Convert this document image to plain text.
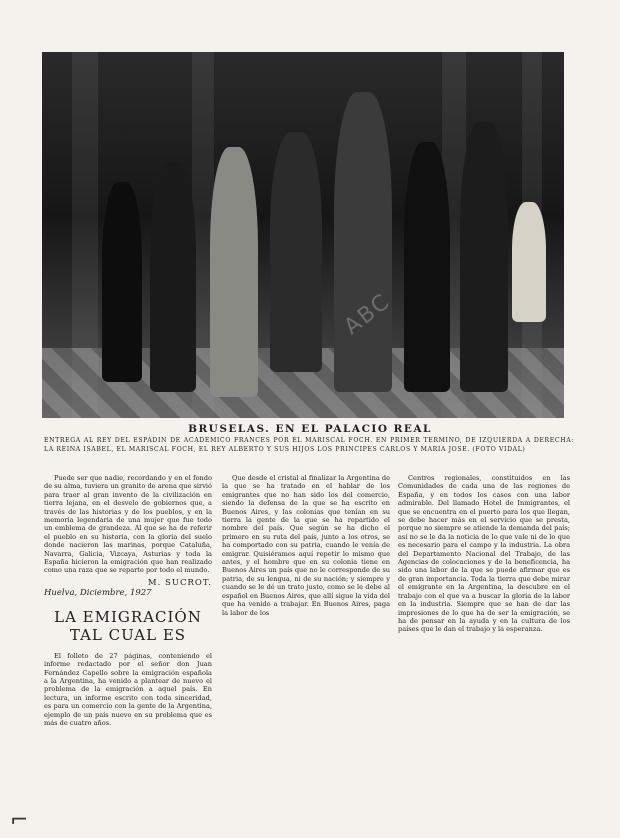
ABC
BRUSELAS. EN EL PALACIO REAL
ENTREGA AL REY DEL ESPADIN DE ACADEMICO FRANCES POR EL MARISCAL FOCH. EN PRIMER TERMINO, DE IZQUIERDA A DERECHA: LA REINA ISABEL, EL MARISCAL FOCH, EL REY ALBERTO Y SUS HIJOS LOS PRINCIPES CARLOS Y MARIA JOSE. (FOTO VIDAL)

Puede ser que nadie, recordando y en el fondo de su alma, tuviera un granito de arena que sirvió para traer al gran invento de la civilización en tierra lejana, en el desvelo de gobiernos que, a través de las historias y de los pueblos, y en la memoria legendaria de una mujer que fue todo un emblema de grandeza. Al que se ha de referir el pueblo en su historia, con la gloria del suelo donde nacieron las marinas, porque Cataluña, Navarra, Galicia, Vizcaya, Asturias y toda la España hicieron la emigración que han realizado como una raza que se reparte por todo el mundo.

M. SUCROT.
Huelva, Diciembre, 1927
LA EMIGRACIÓN TAL CUAL ES

El folleto de 27 páginas, conteniendo el informe redactado por el señor don Juan Fernández Capello sobre la emigración española a la Argentina, ha venido a plantear de nuevo el problema de la emigración a aquel país. En lectura, un informe escrito con toda sinceridad, es para un comercio con la gente de la Argentina, ejemplo de un país nuevo en su problema que es más de cuatro años.

Que desde el cristal al finalizar la Argentina de la que se ha tratado en el hablar de los emigrantes que no han sido los del comercio, siendo la defensa de la que se ha escrito en Buenos Aires, y las colonias que tenían en su tierra la gente de la que se ha repartido el nombre del país. Que según se ha dicho el primero en su ruta del país, junto a los otros, se ha comportado con su patria, cuando le venía de emigrar. Quisiéramos aquí repetir lo mismo que antes, y el hombre que en su colonia tiene en Buenos Aires un país que no le corresponde de su patria, de su lengua, ni de su nación; y siempre y cuando se le dé un trato justo, como se le debe al español en Buenos Aires, que allí sigue la vida del que ha venido a trabajar. En Buenos Aires, paga la labor de los

Centros regionales, constituidos en las Comunidades de cada una de las regiones de España, y en todos los casos con una labor admirable. Del llamado Hotel de Inmigrantes, el que se encuentra en el puerto para los que llegan, se debe hacer más en el servicio que se presta, porque no siempre se atiende la demanda del país; así no se le da la noticia de lo que vale ni de lo que es necesario para el campo y la industria. La obra del Departamento Nacional del Trabajo, de las Agencias de colocaciones y de la beneficencia, ha sido una labor de la que se puede afirmar que es de gran importancia. Toda la tierra que debe mirar el emigrante en la Argentina, la descubre en el trabajo con el que va a buscar la gloria de la labor en la industria. Siempre que se han de dar las impresiones de lo que ha de ser la emigración, se ha de pensar en la ayuda y en la cultura de los países que le dan el trabajo y la esperanza.

⌐
